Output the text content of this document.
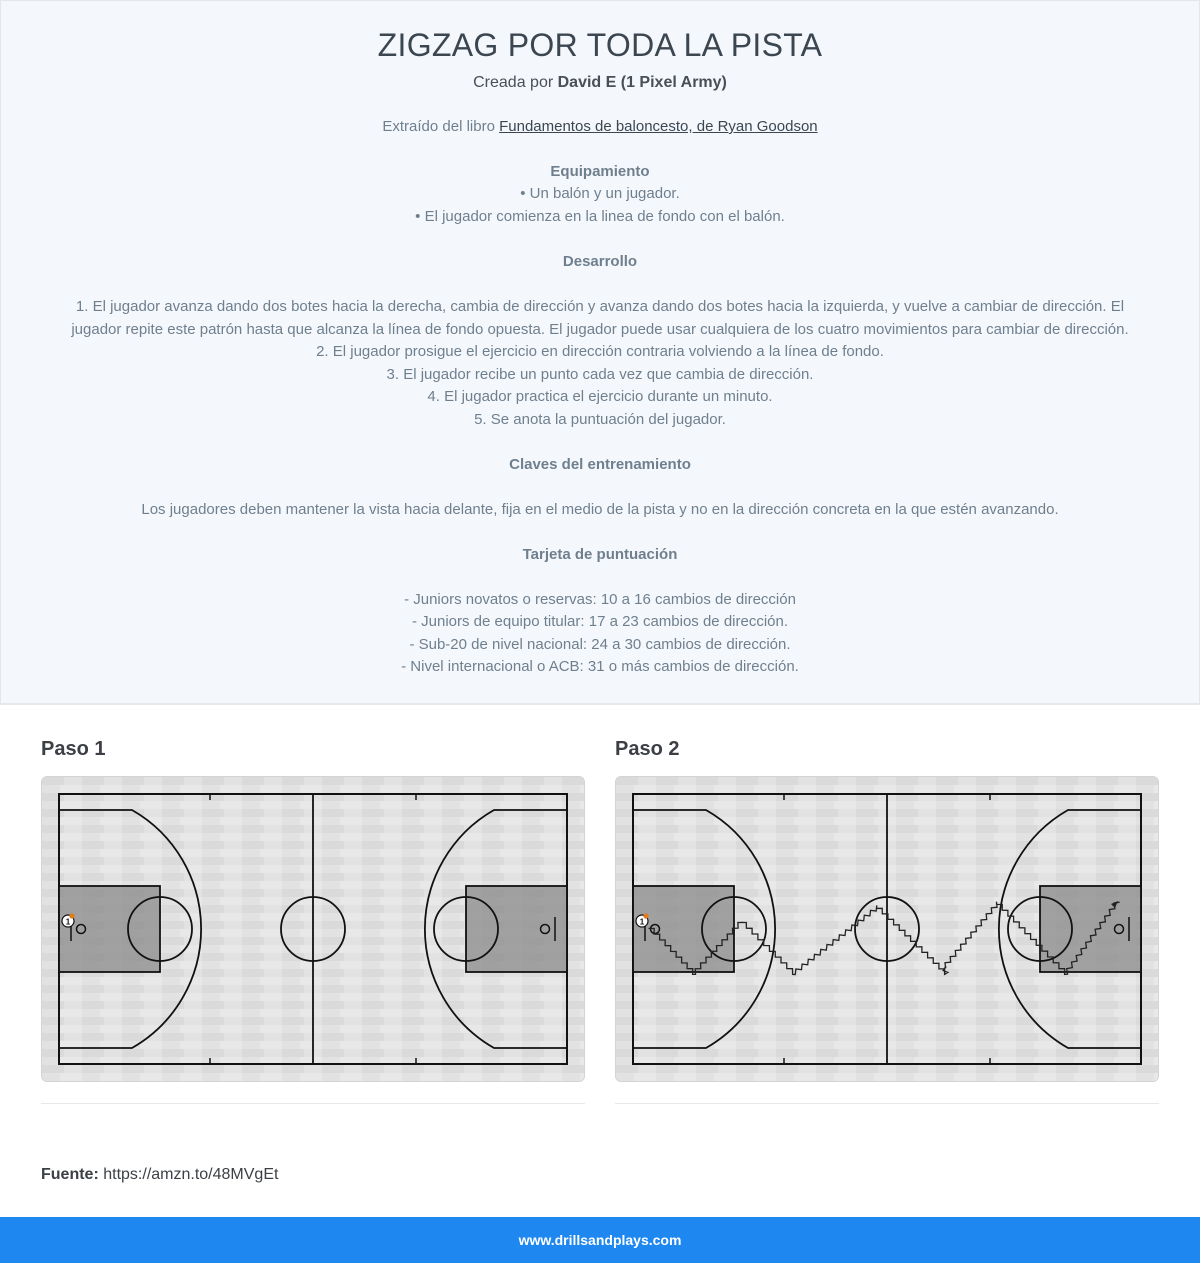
ZIGZAG POR TODA LA PISTA
Creada por David E (1 Pixel Army)
Extraído del libro Fundamentos de baloncesto, de Ryan Goodson
Equipamiento
• Un balón y un jugador.
• El jugador comienza en la linea de fondo con el balón.
Desarrollo
1. El jugador avanza dando dos botes hacia la derecha, cambia de dirección y avanza dando dos botes hacia la izquierda, y vuelve a cambiar de dirección. El jugador repite este patrón hasta que alcanza la línea de fondo opuesta. El jugador puede usar cualquiera de los cuatro movimientos para cambiar de dirección.
2. El jugador prosigue el ejercicio en dirección contraria volviendo a la línea de fondo.
3. El jugador recibe un punto cada vez que cambia de dirección.
4. El jugador practica el ejercicio durante un minuto.
5. Se anota la puntuación del jugador.
Claves del entrenamiento
Los jugadores deben mantener la vista hacia delante, fija en el medio de la pista y no en la dirección concreta en la que estén avanzando.
Tarjeta de puntuación
- Juniors novatos o reservas: 10 a 16 cambios de dirección
- Juniors de equipo titular: 17 a 23 cambios de dirección.
- Sub-20 de nivel nacional: 24 a 30 cambios de dirección.
- Nivel internacional o ACB: 31 o más cambios de dirección.
Paso 1
1
Paso 2
1
Fuente: https://amzn.to/48MVgEt
www.drillsandplays.com
